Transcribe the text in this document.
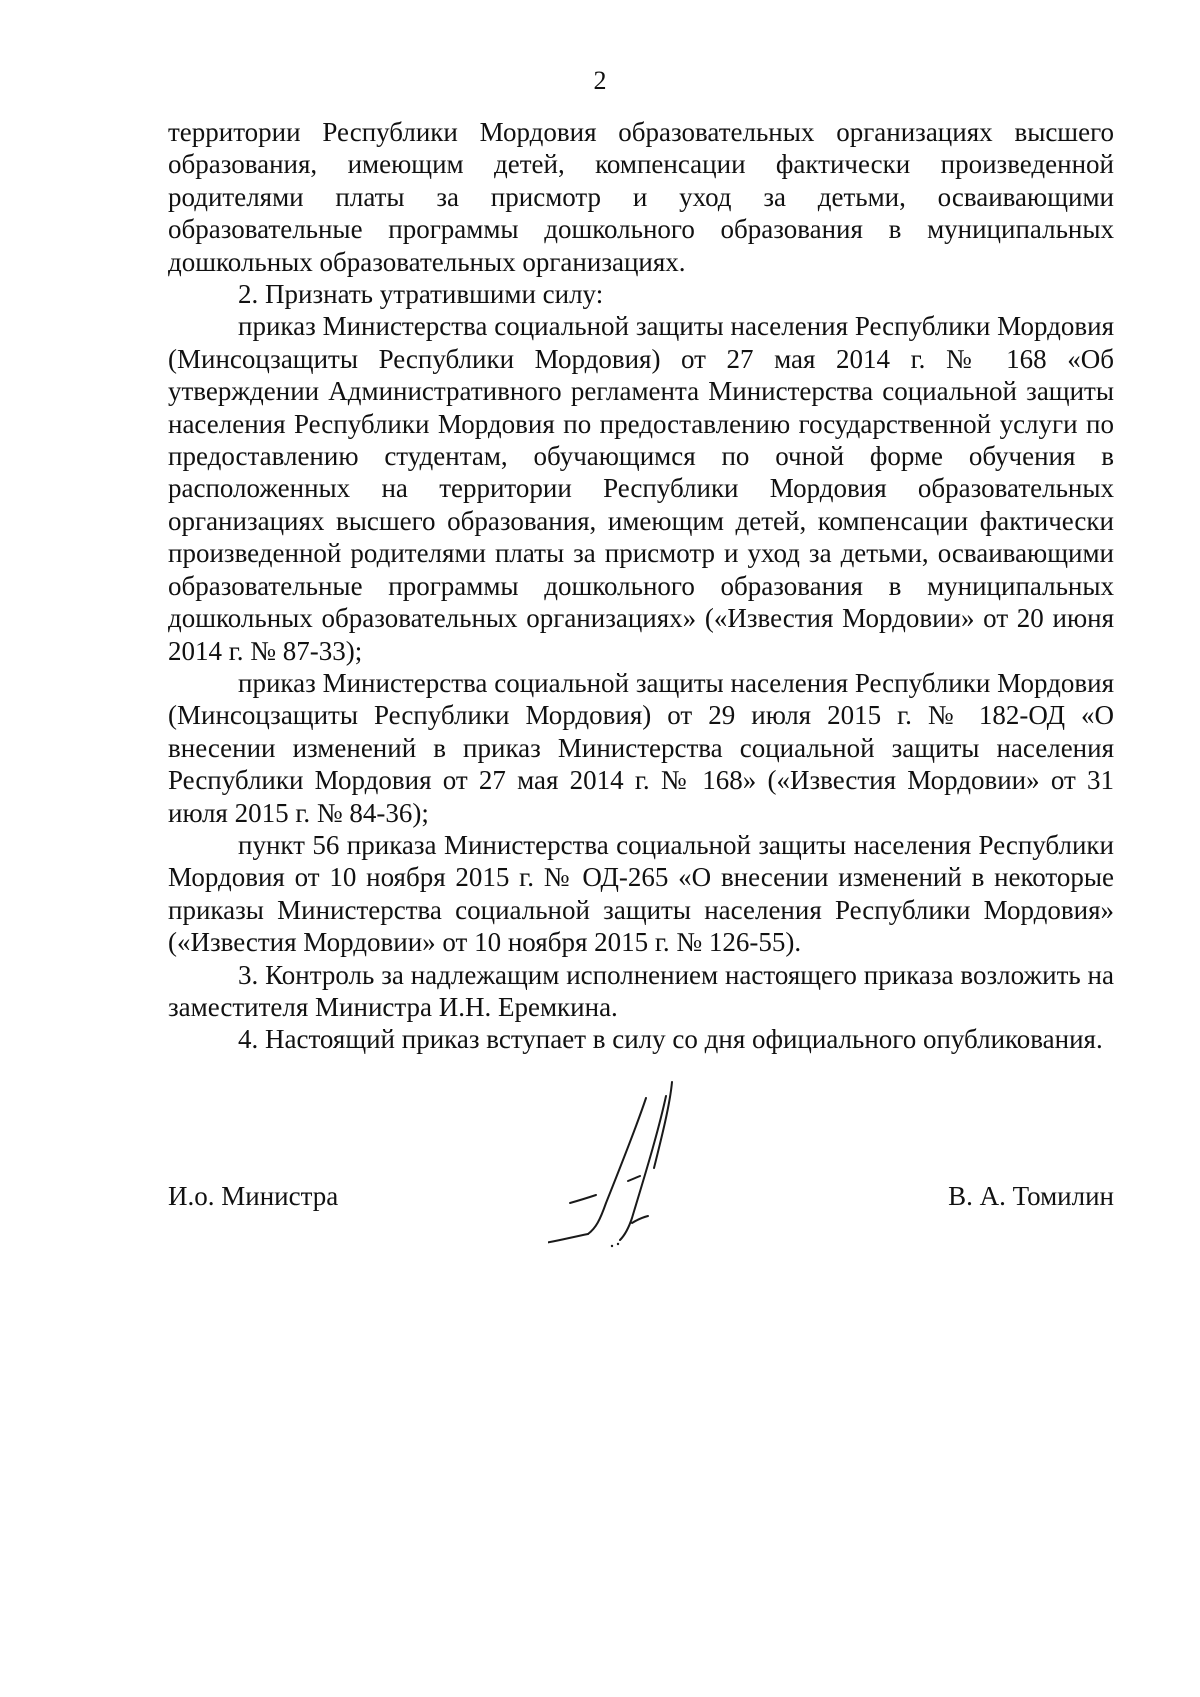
2

территории Республики Мордовия образовательных организациях высшего образования, имеющим детей, компенсации фактически произведенной родителями платы за присмотр и уход за детьми, осваивающими образовательные программы дошкольного образования в муниципальных дошкольных образовательных организациях.

2. Признать утратившими силу:

приказ Министерства социальной защиты населения Республики Мордовия (Минсоцзащиты Республики Мордовия) от 27 мая 2014 г. № 168 «Об утверждении Административного регламента Министерства социальной защиты населения Республики Мордовия по предоставлению государственной услуги по предоставлению студентам, обучающимся по очной форме обучения в расположенных на территории Республики Мордовия образовательных организациях высшего образования, имеющим детей, компенсации фактически произведенной родителями платы за присмотр и уход за детьми, осваивающими образовательные программы дошкольного образования в муниципальных дошкольных образовательных организациях» («Известия Мордовии» от 20 июня 2014 г. № 87-33);

приказ Министерства социальной защиты населения Республики Мордовия (Минсоцзащиты Республики Мордовия) от 29 июля 2015 г. № 182-ОД «О внесении изменений в приказ Министерства социальной защиты населения Республики Мордовия от 27 мая 2014 г. № 168» («Известия Мордовии» от 31 июля 2015 г. № 84-36);

пункт 56 приказа Министерства социальной защиты населения Республики Мордовия от 10 ноября 2015 г. № ОД-265 «О внесении изменений в некоторые приказы Министерства социальной защиты населения Республики Мордовия» («Известия Мордовии» от 10 ноября 2015 г. № 126-55).

3. Контроль за надлежащим исполнением настоящего приказа возложить на заместителя Министра И.Н. Еремкина.

4. Настоящий приказ вступает в силу со дня официального опубликования.

И.о. Министра	В. А. Томилин
